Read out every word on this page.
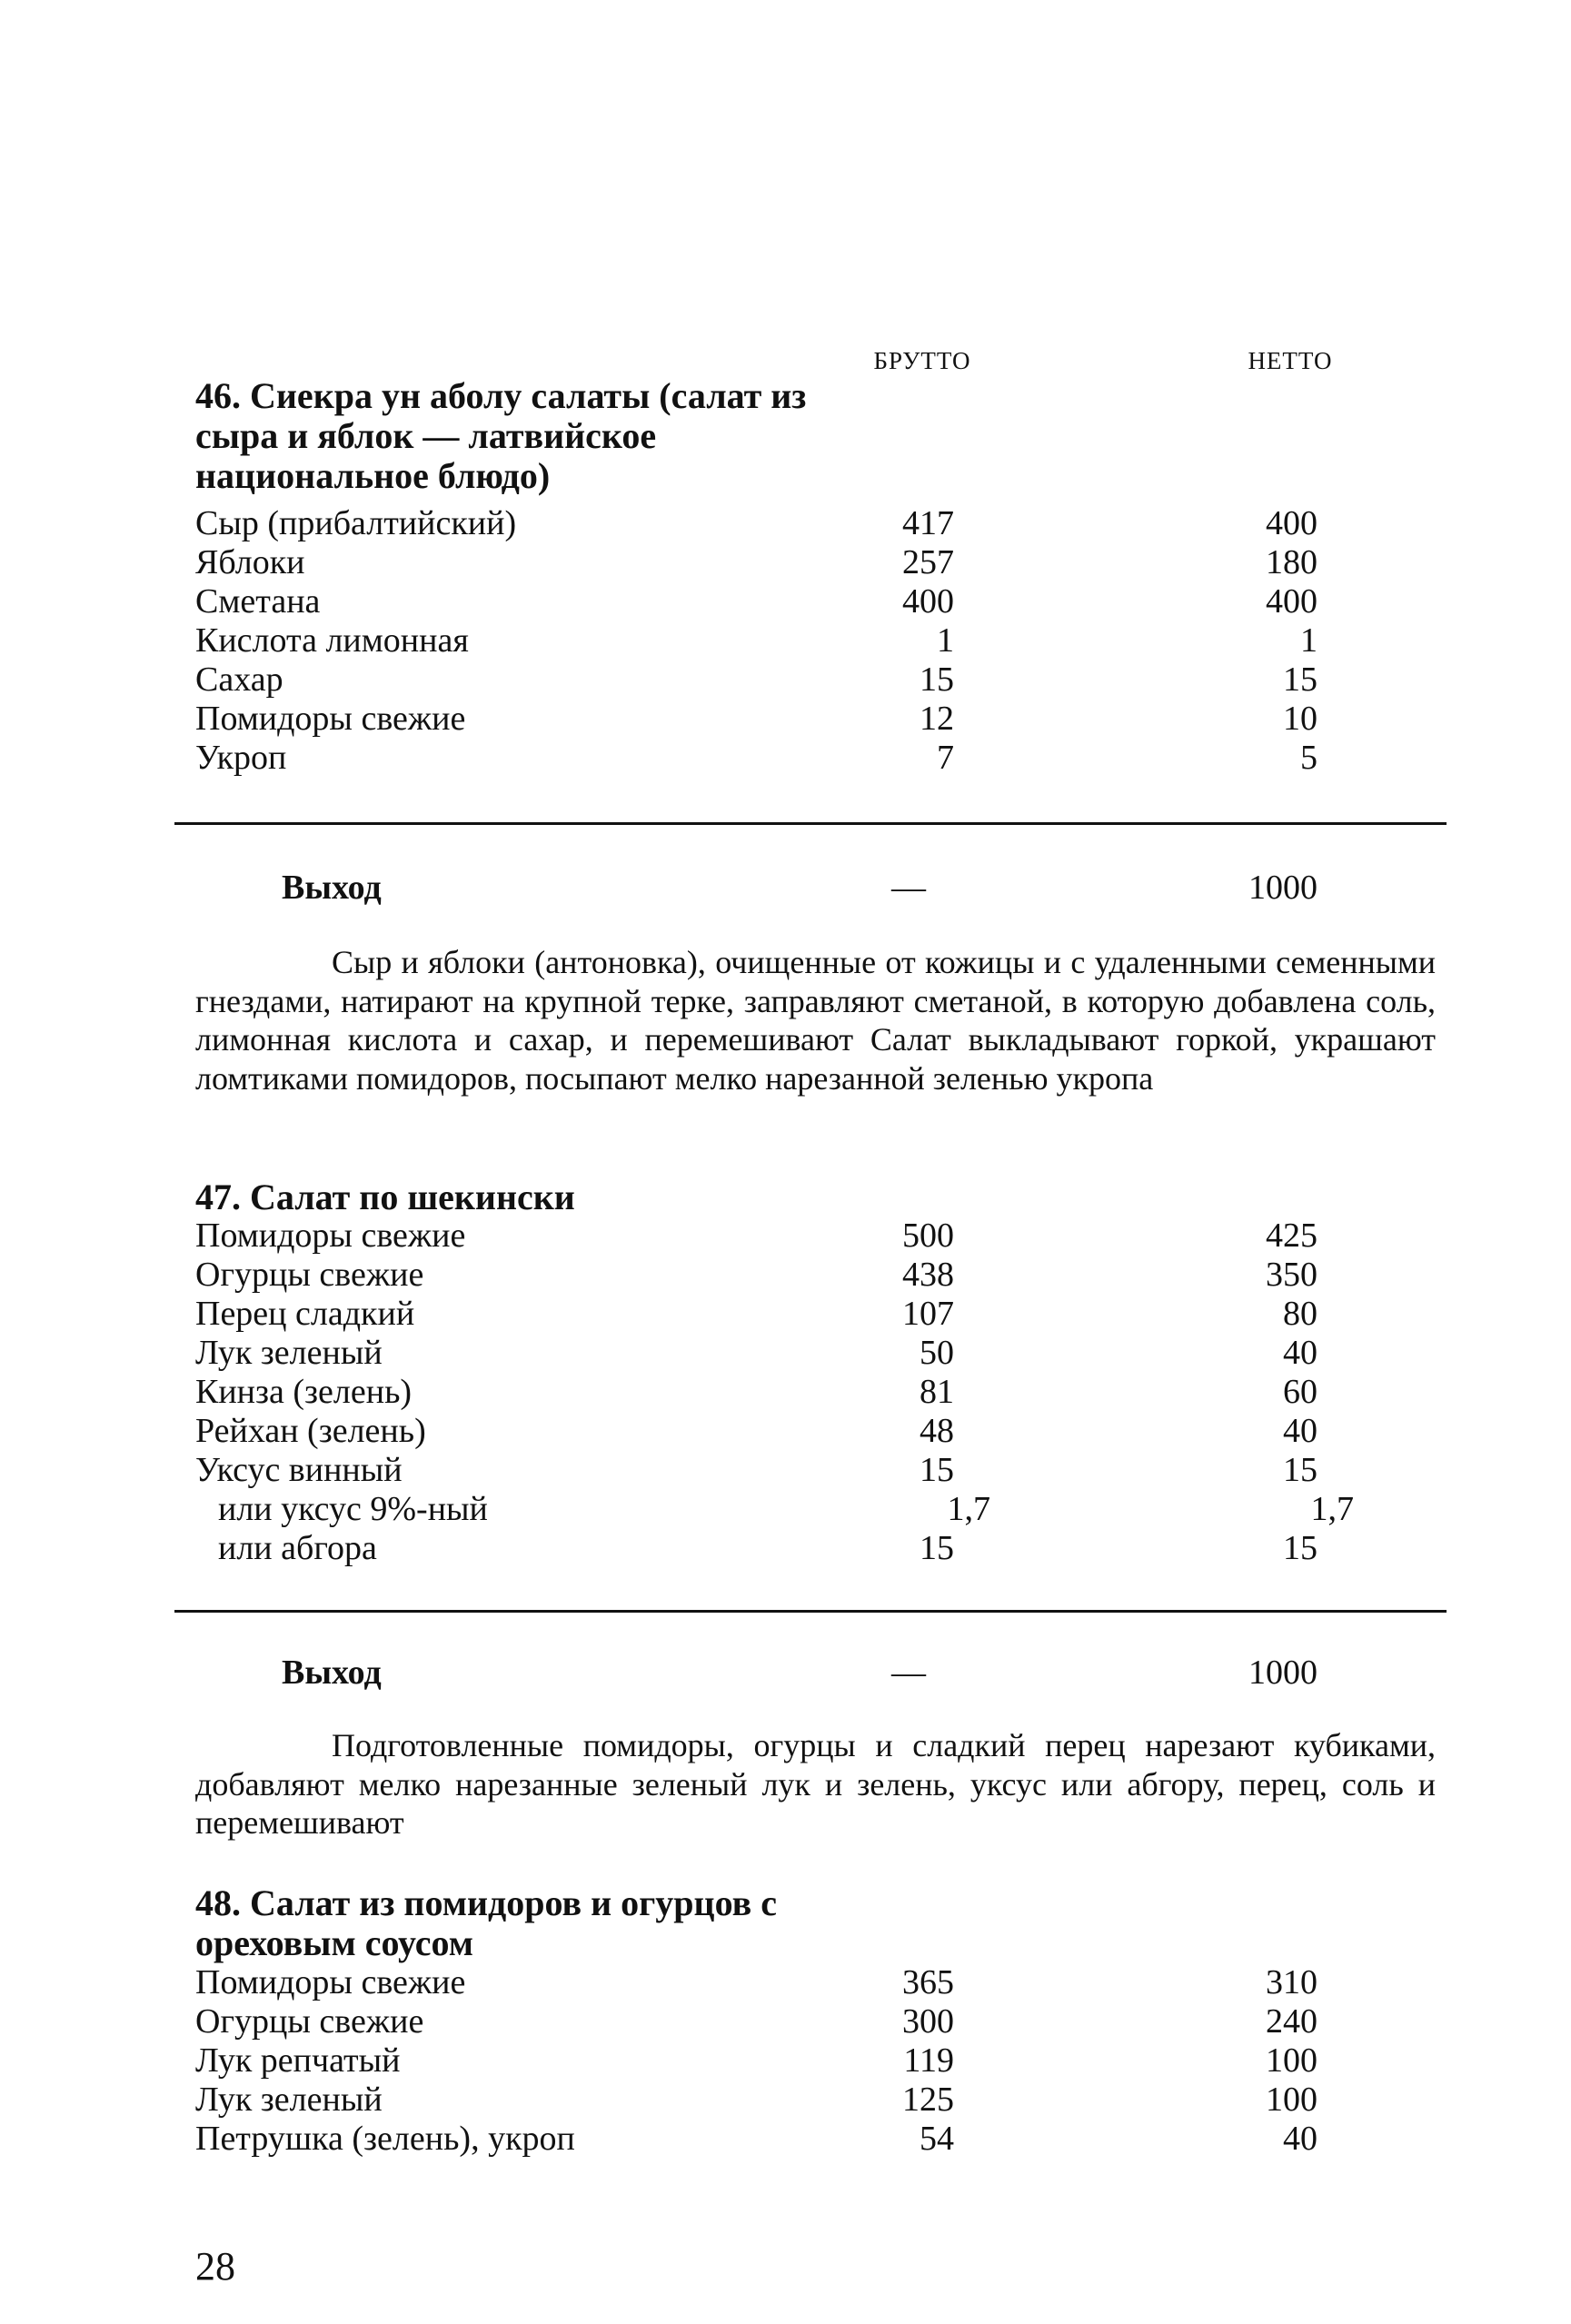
БРУТТО	НЕТТО
46. Сиекра ун аболу салаты (салат из сыра и яблок — латвийское национальное блюдо)
Сыр (прибалтийский)	417	400
Яблоки	257	180
Сметана	400	400
Кислота лимонная	1	1
Сахар	15	15
Помидоры свежие	12	10
Укроп	7	5
Выход	—	1000
Сыр и яблоки (антоновка), очищенные от кожицы и с удаленными семенными гнездами, натирают на крупной терке, заправляют сметаной, в которую добавлена соль, лимонная кислота и сахар, и перемешивают Салат выкладывают горкой, украшают ломтиками помидоров, посыпают мелко нарезанной зеленью укропа
47. Салат по шекински
Помидоры свежие	500	425
Огурцы свежие	438	350
Перец сладкий	107	80
Лук зеленый	50	40
Кинза (зелень)	81	60
Рейхан (зелень)	48	40
Уксус винный	15	15
или уксус 9%-ный	1,7	1,7
или абгора	15	15
Выход	—	1000
Подготовленные помидоры, огурцы и сладкий перец нарезают кубиками, добавляют мелко нарезанные зеленый лук и зелень, уксус или абгору, перец, соль и перемешивают
48. Салат из помидоров и огурцов с ореховым соусом
Помидоры свежие	365	310
Огурцы свежие	300	240
Лук репчатый	119	100
Лук зеленый	125	100
Петрушка (зелень), укроп	54	40
28
